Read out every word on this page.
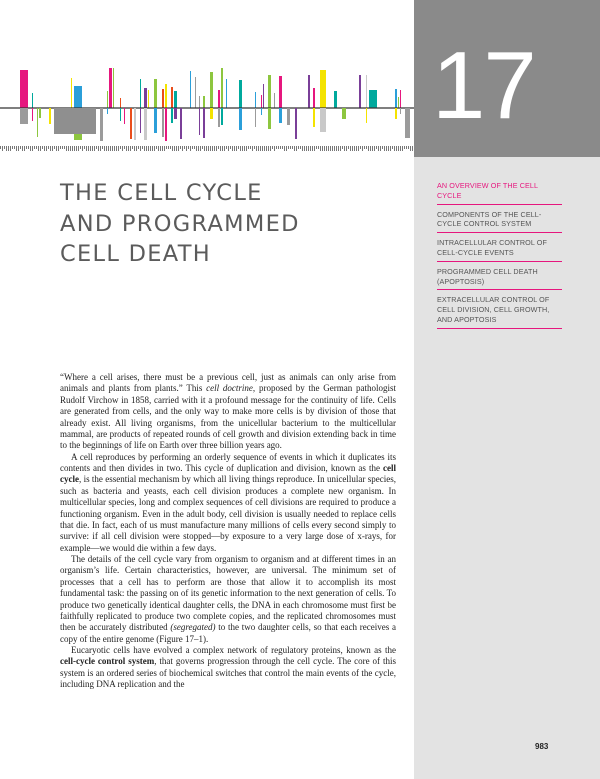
17

THE CELL CYCLE
AND PROGRAMMED
CELL DEATH
AN OVERVIEW OF THE CELL CYCLE
COMPONENTS OF THE CELL-CYCLE CONTROL SYSTEM
INTRACELLULAR CONTROL OF CELL-CYCLE EVENTS
PROGRAMMED CELL DEATH (APOPTOSIS)
EXTRACELLULAR CONTROL OF CELL DIVISION, CELL GROWTH, AND APOPTOSIS

“Where a cell arises, there must be a previous cell, just as animals can only arise from animals and plants from plants.” This cell doctrine, proposed by the German pathologist Rudolf Virchow in 1858, carried with it a profound message for the continuity of life. Cells are generated from cells, and the only way to make more cells is by division of those that already exist. All living organisms, from the unicellular bacterium to the multicellular mammal, are products of repeated rounds of cell growth and division extending back in time to the beginnings of life on Earth over three billion years ago.

A cell reproduces by performing an orderly sequence of events in which it duplicates its contents and then divides in two. This cycle of duplication and division, known as the cell cycle, is the essential mechanism by which all living things reproduce. In unicellular species, such as bacteria and yeasts, each cell division produces a complete new organism. In multicellular species, long and complex sequences of cell divisions are required to produce a functioning organism. Even in the adult body, cell division is usually needed to replace cells that die. In fact, each of us must manufacture many millions of cells every second simply to survive: if all cell division were stopped—by exposure to a very large dose of x-rays, for example—we would die within a few days.

The details of the cell cycle vary from organism to organism and at different times in an organism’s life. Certain characteristics, however, are universal. The minimum set of processes that a cell has to perform are those that allow it to accomplish its most fundamental task: the passing on of its genetic information to the next generation of cells. To produce two genetically identical daughter cells, the DNA in each chromosome must first be faithfully replicated to produce two complete copies, and the replicated chromosomes must then be accurately distributed (segregated) to the two daughter cells, so that each receives a copy of the entire genome (Figure 17–1).

Eucaryotic cells have evolved a complex network of regulatory proteins, known as the cell-cycle control system, that governs progression through the cell cycle. The core of this system is an ordered series of biochemical switches that control the main events of the cycle, including DNA replication and the

983
